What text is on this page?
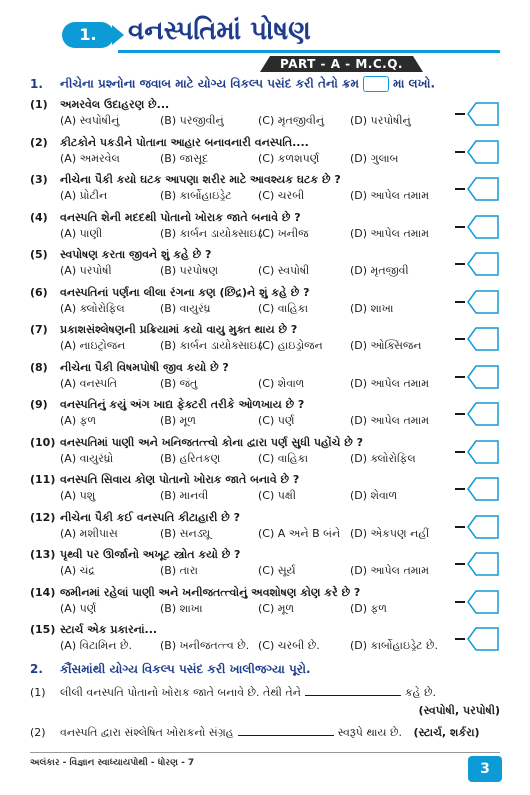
1.	વનસ્પતિમાં પોષણ
PART - A - M.C.Q.
1. નીચેના પ્રશ્નોના જવાબ માટે યોગ્ય વિકલ્પ પસંદ કરી તેનો ક્રમ	મા લખો.
(1) અમરવેલ ઉદાહરણ છે...
(A) સ્વપોષીનું	(B) પરજીવીનું	(C) મૃતજીવીનું (D) પરપોષીનું
(2) કીટકોને પકડીને પોતાના આહાર બનાવનારી વનસ્પતિ....
(A) અમરવેલ	(B) જાસૂદ	(C) કળશપર્ણ	(D) ગુલાબ
(3) નીચેના પૈકી કયો ઘટક આપણા શરીર માટે આવશ્યક ઘટક છે ?
(A) પ્રોટીન	(B) કાર્બોહાઇડ્રેટ (C) ચરબી	(D) આપેલ તમામ
(4) વનસ્પતિ શેની મદદથી પોતાનો ખોરાક જાતે બનાવે છે ?
(A) પાણી	(B) કાર્બન ડાયોક્સાઇડ
(C) ખનીજ	(D) આપેલ તમામ
(5) સ્વપોષણ કરતા જીવને શું કહે છે ?
(A) પરપોષી	(B) પરપોષણ	(C) સ્વપોષી	(D) મૃતજીવી
(6) વનસ્પતિનાં પર્ણના લીલા રંગના કણ (છિદ્ર)ને શું કહે છે ?
(A) ક્લોરોફિલ	(B) વાયુરંધ્ર	(C) વાહિકા	(D) શાખા
(7) પ્રકાશસંશ્લેષણની પ્રક્રિયામાં કયો વાયુ મુક્ત થાય છે ?
(A) નાઇટ્રોજન	(B) કાર્બન ડાયોક્સાઇડ
(C) હાઇડ્રોજન (D) ઓક્સિજન
(8) નીચેના પૈકી વિષમપોષી જીવ કયો છે ?
(A) વનસ્પતિ	(B) જંતુ	(C) શેવાળ	(D) આપેલ તમામ
(9) વનસ્પતિનું કયું અંગ ખાદ્ય ફેક્ટરી તરીકે ઓળખાય છે ?
(A) ફળ	(B) મૂળ	(C) પર્ણ	(D) આપેલ તમામ
(10) વનસ્પતિમાં પાણી અને ખનિજતત્ત્વો કોના દ્વારા પર્ણ સુધી પહોંચે છે ?
(A) વાયુરંધ્રો	(B) હરિતકણ	(C) વાહિકા	(D) ક્લોરોફિલ
(11) વનસ્પતિ સિવાય કોણ પોતાનો ખોરાક જાતે બનાવે છે ?
(A) પશુ	(B) માનવી	(C) પક્ષી	(D) શેવાળ
(12) નીચેના પૈકી કઈ વનસ્પતિ કીટાહારી છે ?
(A) મશીપાસ	(B) સનડ્યૂ	(C) A અને B બંને (D) એકપણ નહીં
(13) પૃથ્વી પર ઊર્જાનો અખૂટ સ્ત્રોત કયો છે ?
(A) ચંદ્ર	(B) તારા	(C) સૂર્ય	(D) આપેલ તમામ
(14) જમીનમાં રહેલાં પાણી અને ખનીજતત્ત્વોનું અવશોષણ કોણ કરે છે ?
(A) પર્ણ	(B) શાખા	(C) મૂળ	(D) ફળ
(15) સ્ટાર્ચ એક પ્રકારનાં...
(A) વિટામિન છે.	(B) ખનીજતત્ત્વ છે. (C) ચરબી છે.	(D) કાર્બોહાઇડ્રેટ છે.
2. કૌંસમાંથી યોગ્ય વિકલ્પ પસંદ કરી ખાલીજગ્યા પૂરો.
(1) લીલી વનસ્પતિ પોતાનો ખોરાક જાતે બનાવે છે. તેથી તેને	કહે છે.
(સ્વપોષી, પરપોષી)
(2) વનસ્પતિ દ્વારા સંશ્લેષિત ખોરાકનો સંગ્રહ	સ્વરૂપે થાય છે. (સ્ટાર્ચ, શર્કરા)
અલંકાર - વિજ્ઞાન સ્વાધ્યાયપોથી - ધોરણ - 7	3
